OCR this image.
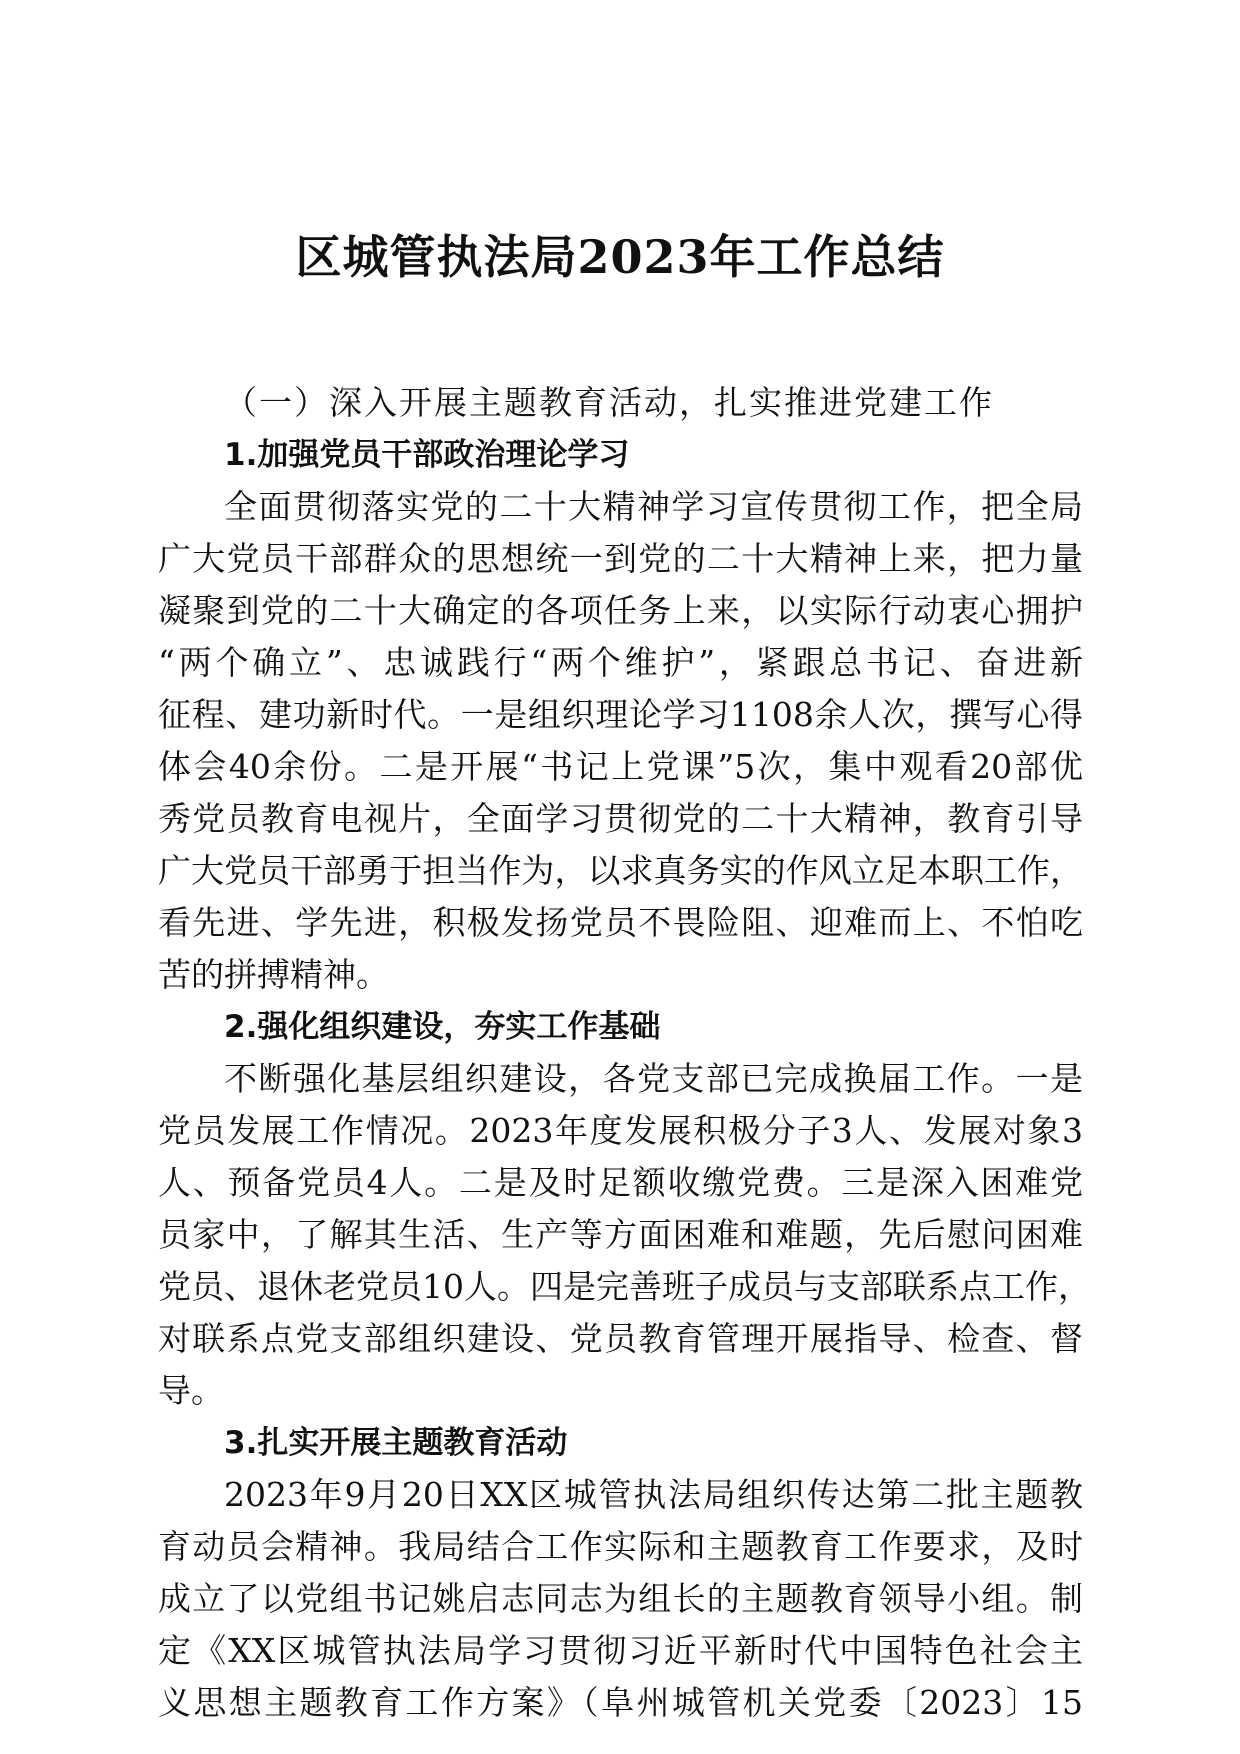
区城管执法局2023年工作总结
（一）深入开展主题教育活动，扎实推进党建工作
1.加强党员干部政治理论学习
全面贯彻落实党的二十大精神学习宣传贯彻工作，把全局
广大党员干部群众的思想统一到党的二十大精神上来，把力量
凝聚到党的二十大确定的各项任务上来，以实际行动衷心拥护
“两个确立”、忠诚践行“两个维护”，紧跟总书记、奋进新
征程、建功新时代。一是组织理论学习1108余人次，撰写心得
体会40余份。二是开展“书记上党课”5次，集中观看20部优
秀党员教育电视片，全面学习贯彻党的二十大精神，教育引导
广大党员干部勇于担当作为，以求真务实的作风立足本职工作，
看先进、学先进，积极发扬党员不畏险阻、迎难而上、不怕吃
苦的拼搏精神。
2.强化组织建设，夯实工作基础
不断强化基层组织建设，各党支部已完成换届工作。一是
党员发展工作情况。2023年度发展积极分子3人、发展对象3
人、预备党员4人。二是及时足额收缴党费。三是深入困难党
员家中，了解其生活、生产等方面困难和难题，先后慰问困难
党员、退休老党员10人。四是完善班子成员与支部联系点工作，
对联系点党支部组织建设、党员教育管理开展指导、检查、督
导。
3.扎实开展主题教育活动
2023年9月20日XX区城管执法局组织传达第二批主题教
育动员会精神。我局结合工作实际和主题教育工作要求，及时
成立了以党组书记姚启志同志为组长的主题教育领导小组。制
定《XX区城管执法局学习贯彻习近平新时代中国特色社会主
义思想主题教育工作方案》（阜州城管机关党委〔2023〕15
